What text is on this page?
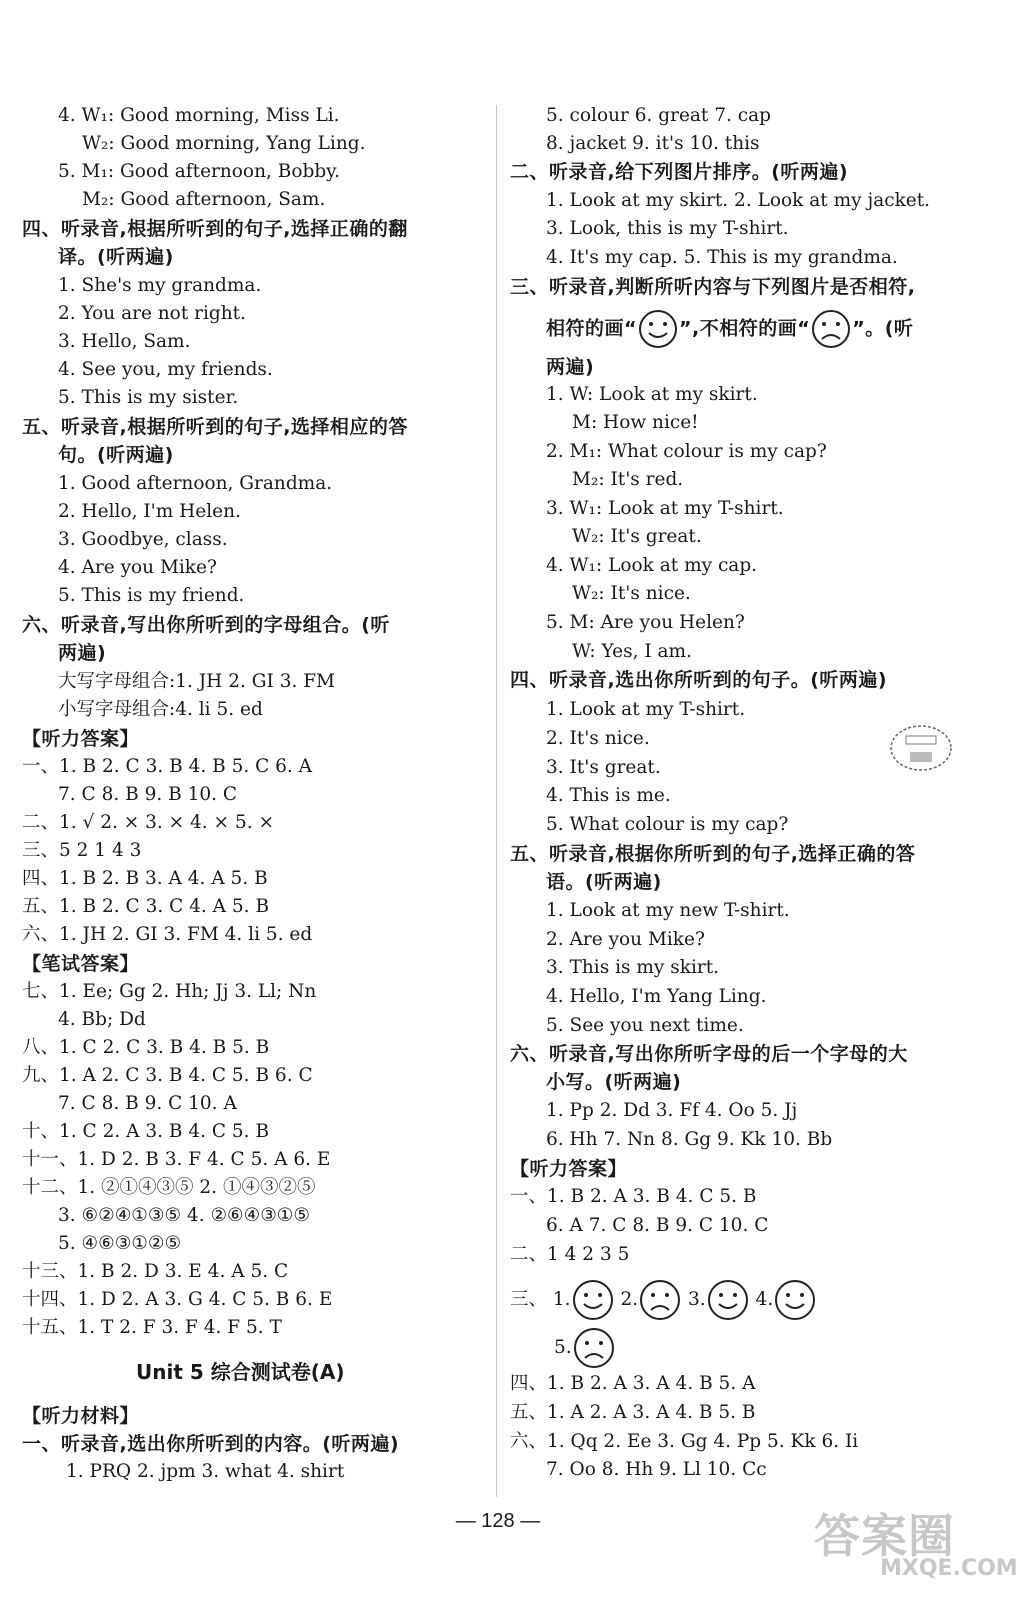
4. W₁: Good morning, Miss Li.
W₂: Good morning, Yang Ling.
5. M₁: Good afternoon, Bobby.
M₂: Good afternoon, Sam.
四、听录音,根据所听到的句子,选择正确的翻
译。(听两遍)
1. She's my grandma.
2. You are not right.
3. Hello, Sam.
4. See you, my friends.
5. This is my sister.
五、听录音,根据所听到的句子,选择相应的答
句。(听两遍)
1. Good afternoon, Grandma.
2. Hello, I'm Helen.
3. Goodbye, class.
4. Are you Mike?
5. This is my friend.
六、听录音,写出你所听到的字母组合。(听
两遍)
大写字母组合:1. JH 2. GI 3. FM
小写字母组合:4. li 5. ed
【听力答案】
一、1. B 2. C 3. B 4. B 5. C 6. A
7. C 8. B 9. B 10. C
二、1. √ 2. × 3. × 4. × 5. ×
三、5 2 1 4 3
四、1. B 2. B 3. A 4. A 5. B
五、1. B 2. C 3. C 4. A 5. B
六、1. JH 2. GI 3. FM 4. li 5. ed
【笔试答案】
七、1. Ee; Gg 2. Hh; Jj 3. Ll; Nn
4. Bb; Dd
八、1. C 2. C 3. B 4. B 5. B
九、1. A 2. C 3. B 4. C 5. B 6. C
7. C 8. B 9. C 10. A
十、1. C 2. A 3. B 4. C 5. B
十一、1. D 2. B 3. F 4. C 5. A 6. E
十二、1. ②①④③⑤ 2. ①④③②⑤
3. ⑥②④①③⑤ 4. ②⑥④③①⑤
5. ④⑥③①②⑤
十三、1. B 2. D 3. E 4. A 5. C
十四、1. D 2. A 3. G 4. C 5. B 6. E
十五、1. T 2. F 3. F 4. F 5. T
Unit 5 综合测试卷(A)
【听力材料】
一、听录音,选出你所听到的内容。(听两遍)
1. PRQ 2. jpm 3. what 4. shirt
相符的画“ ”,不相符的画“ ”。(听
三、 1.	2.	3.	4.
5.
5. colour 6. great 7. cap
8. jacket 9. it's 10. this
二、听录音,给下列图片排序。(听两遍)
1. Look at my skirt. 2. Look at my jacket.
3. Look, this is my T-shirt.
4. It's my cap. 5. This is my grandma.
三、听录音,判断所听内容与下列图片是否相符,
两遍)
1. W: Look at my skirt.
M: How nice!
2. M₁: What colour is my cap?
M₂: It's red.
3. W₁: Look at my T-shirt.
W₂: It's great.
4. W₁: Look at my cap.
W₂: It's nice.
5. M: Are you Helen?
W: Yes, I am.
四、听录音,选出你所听到的句子。(听两遍)
1. Look at my T-shirt.
2. It's nice.
3. It's great.
4. This is me.
5. What colour is my cap?
五、听录音,根据你所听到的句子,选择正确的答
语。(听两遍)
1. Look at my new T-shirt.
2. Are you Mike?
3. This is my skirt.
4. Hello, I'm Yang Ling.
5. See you next time.
六、听录音,写出你所听字母的后一个字母的大
小写。(听两遍)
1. Pp 2. Dd 3. Ff 4. Oo 5. Jj
6. Hh 7. Nn 8. Gg 9. Kk 10. Bb
【听力答案】
一、1. B 2. A 3. B 4. C 5. B
6. A 7. C 8. B 9. C 10. C
二、1 4 2 3 5
四、1. B 2. A 3. A 4. B 5. A
五、1. A 2. A 3. A 4. B 5. B
六、1. Qq 2. Ee 3. Gg 4. Pp 5. Kk 6. Ii
7. Oo 8. Hh 9. Ll 10. Cc
— 128 —	答案圈
MXQE.COM
